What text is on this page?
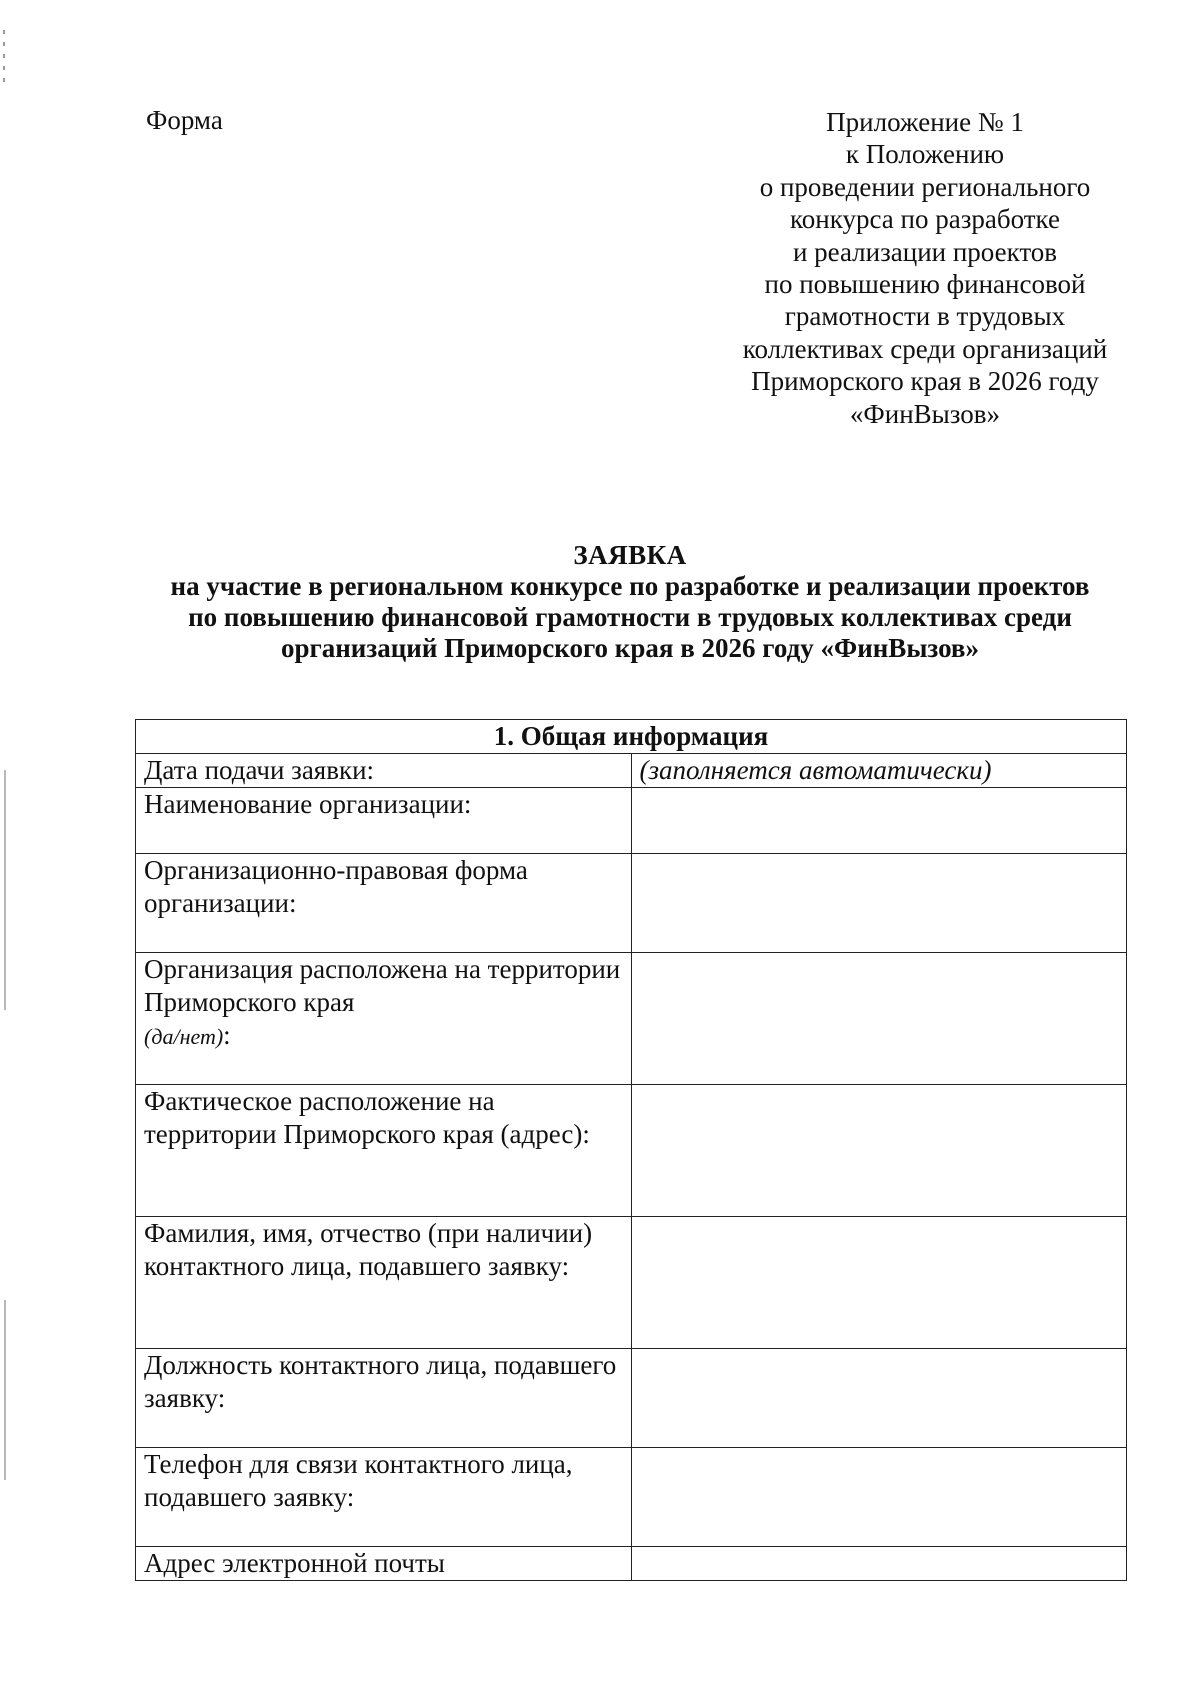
Форма	Приложение № 1
к Положению
о проведении регионального
конкурса по разработке
и реализации проектов
по повышению финансовой
грамотности в трудовых
коллективах среди организаций
Приморского края в 2026 году
«ФинВызов»
ЗАЯВКА
на участие в региональном конкурсе по разработке и реализации проектов
по повышению финансовой грамотности в трудовых коллективах среди
организаций Приморского края в 2026 году «ФинВызов»
1. Общая информация	
Дата подачи заявки:	(заполняется автоматически)
Наименование организации:	
Организационно-правовая форма организации:	
Организация расположена на территории Приморского края
(да/нет):	
Фактическое расположение на территории Приморского края (адрес):	
Фамилия, имя, отчество (при наличии) контактного лица, подавшего заявку:	
Должность контактного лица, подавшего заявку:	
Телефон для связи контактного лица, подавшего заявку:	
Адрес электронной почты	
